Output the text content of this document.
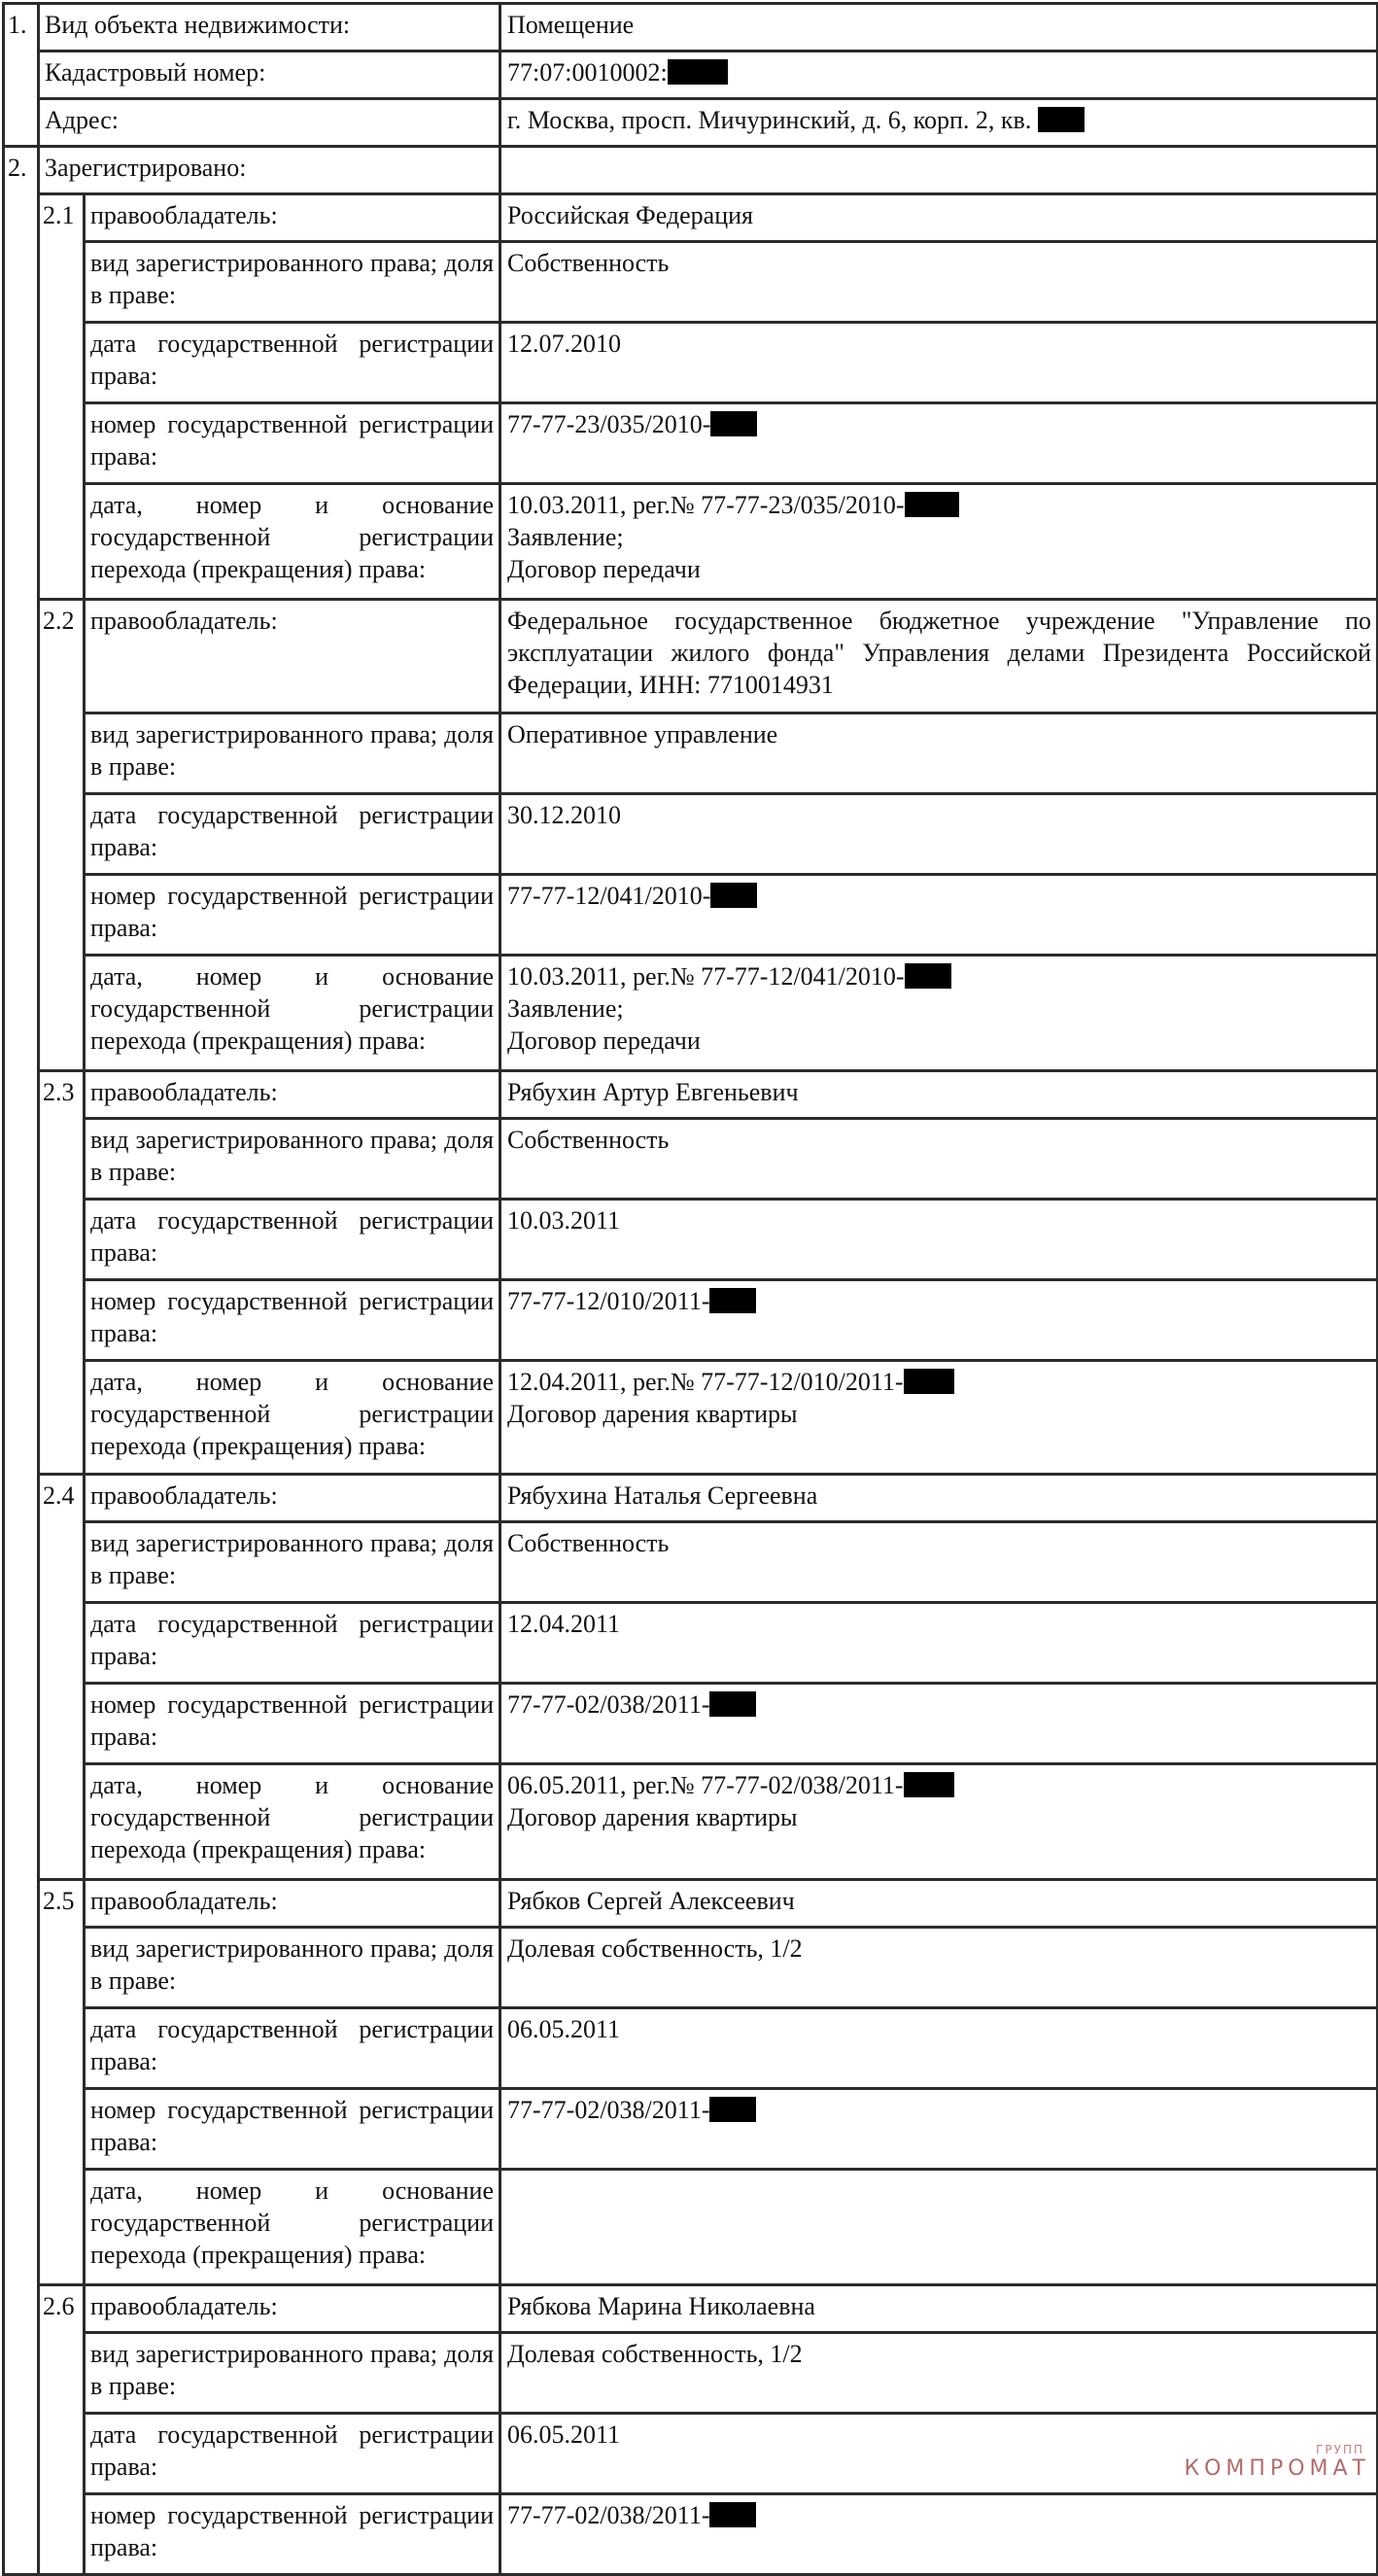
1.	Вид объекта недвижимости:		Помещение
	Кадастровый номер:		77:07:0010002:
	Адрес:		г. Москва, просп. Мичуринский, д. 6, корп. 2, кв.
2.	Зарегистрировано:		
	2.1	правообладатель:	Российская Федерация
		вид зарегистрированного права; доля в праве:	Собственность
		дата государственной регистрации права:	12.07.2010
		номер государственной регистрации права:	77-77-23/035/2010-
		дата, номер и основание государственной регистрации перехода (прекращения) права:	10.03.2011, рег.№ 77-77-23/035/2010-
Заявление;
Договор передачи

	2.2	правообладатель:	Федеральное государственное бюджетное учреждение "Управление по эксплуатации жилого фонда" Управления делами Президента Российской Федерации, ИНН: 7710014931
		вид зарегистрированного права; доля в праве:	Оперативное управление
		дата государственной регистрации права:	30.12.2010
		номер государственной регистрации права:	77-77-12/041/2010-
		дата, номер и основание государственной регистрации перехода (прекращения) права:	10.03.2011, рег.№ 77-77-12/041/2010-
Заявление;
Договор передачи

	2.3	правообладатель:	Рябухин Артур Евгеньевич
		вид зарегистрированного права; доля в праве:	Собственность
		дата государственной регистрации права:	10.03.2011
		номер государственной регистрации права:	77-77-12/010/2011-
		дата, номер и основание государственной регистрации перехода (прекращения) права:	12.04.2011, рег.№ 77-77-12/010/2011-
Договор дарения квартиры

	2.4	правообладатель:	Рябухина Наталья Сергеевна
		вид зарегистрированного права; доля в праве:	Собственность
		дата государственной регистрации права:	12.04.2011
		номер государственной регистрации права:	77-77-02/038/2011-
		дата, номер и основание государственной регистрации перехода (прекращения) права:	06.05.2011, рег.№ 77-77-02/038/2011-
Договор дарения квартиры

	2.5	правообладатель:	Рябков Сергей Алексеевич
		вид зарегистрированного права; доля в праве:	Долевая собственность, 1/2
		дата государственной регистрации права:	06.05.2011
		номер государственной регистрации права:	77-77-02/038/2011-
		дата, номер и основание государственной регистрации перехода (прекращения) права:	
	2.6	правообладатель:	Рябкова Марина Николаевна
		вид зарегистрированного права; доля в праве:	Долевая собственность, 1/2
		дата государственной регистрации права:	06.05.2011
		номер государственной регистрации права:	77-77-02/038/2011-
ГРУПП
КОМПРОМАТ
